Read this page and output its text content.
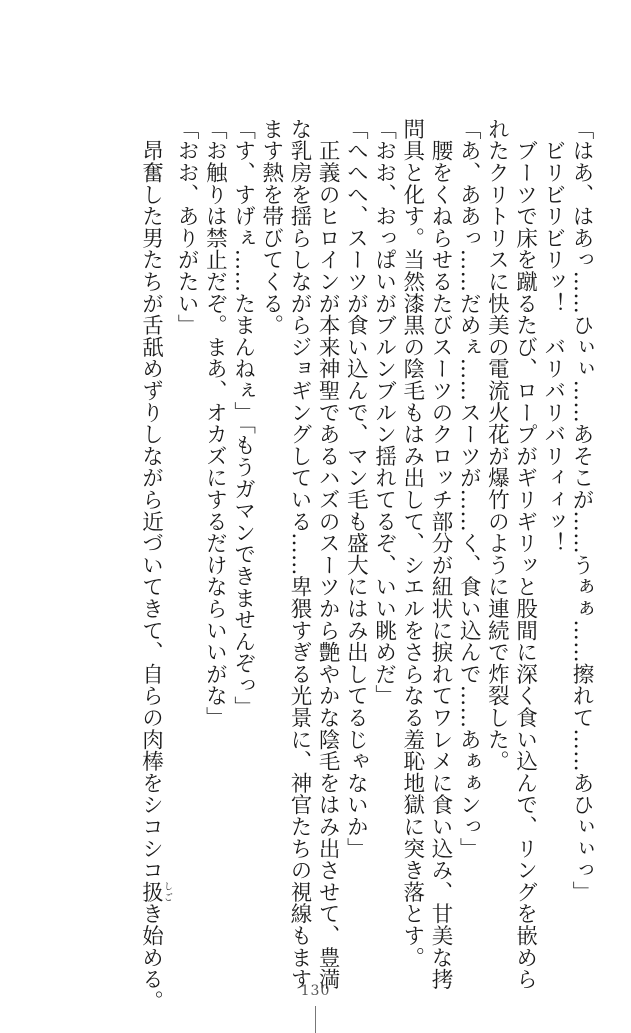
「はあ、はあっ……ひぃぃ……あそこが……うぁぁ……擦れて……あひぃぃっ」
　ビリビリビリッ！　バリバリバリィィッ！
　ブーツで床を蹴るたび、ロープがギリギリッと股間に深く食い込んで、リングを嵌めら
れたクリトリスに快美の電流火花が爆竹のように連続で炸裂した。
「あ、ああっ……だめぇ……スーツが……く、食い込んで……あぁぁンっ」
　腰をくねらせるたびスーツのクロッチ部分が紐状に捩れてワレメに食い込み、甘美な拷
問具と化す。当然漆黒の陰毛もはみ出して、シエルをさらなる羞恥地獄に突き落とす。
「おお、おっぱいがブルンブルン揺れてるぞ、いい眺めだ」
「へへへ、スーツが食い込んで、マン毛も盛大にはみ出してるじゃないか」
　正義のヒロインが本来神聖であるハズのスーツから艶やかな陰毛をはみ出させて、豊満
な乳房を揺らしながらジョギングしている……卑猥すぎる光景に、神官たちの視線もます
ます熱を帯びてくる。
「す、すげぇ……たまんねぇ」「もうガマンできませんぞっ」
「お触りは禁止だぞ。まあ、オカズにするだけならいいがな」
「おお、ありがたい」
　昂奮した男たちが舌舐めずりしながら近づいてきて、自らの肉棒をシコシコ扱しごき始める。	130
